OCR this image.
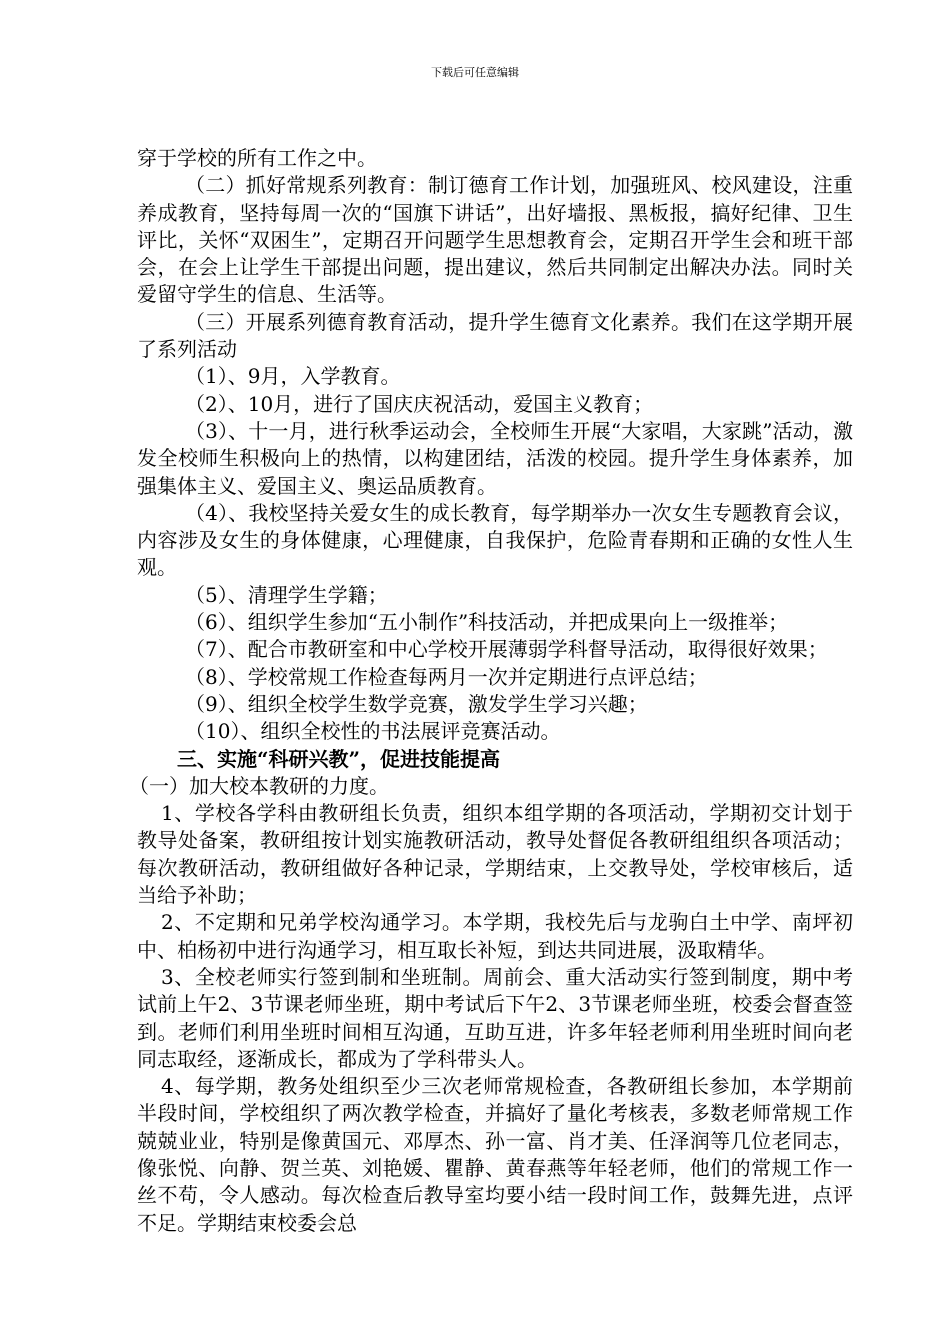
下载后可任意编辑

穿于学校的所有工作之中。

（二）抓好常规系列教育：制订德育工作计划，加强班风、校风建设，注重养成教育，坚持每周一次的“国旗下讲话”，出好墙报、黑板报，搞好纪律、卫生评比，关怀“双困生”，定期召开问题学生思想教育会，定期召开学生会和班干部会，在会上让学生干部提出问题，提出建议，然后共同制定出解决办法。同时关爱留守学生的信息、生活等。

（三）开展系列德育教育活动，提升学生德育文化素养。我们在这学期开展了系列活动

（1）、9月，入学教育。

（2）、10月，进行了国庆庆祝活动，爱国主义教育；

（3）、十一月，进行秋季运动会，全校师生开展“大家唱，大家跳”活动，激发全校师生积极向上的热情，以构建团结，活泼的校园。提升学生身体素养，加强集体主义、爱国主义、奥运品质教育。

（4）、我校坚持关爱女生的成长教育，每学期举办一次女生专题教育会议，内容涉及女生的身体健康，心理健康，自我保护，危险青春期和正确的女性人生观。

（5）、清理学生学籍；

（6）、组织学生参加“五小制作”科技活动，并把成果向上一级推举；

（7）、配合市教研室和中心学校开展薄弱学科督导活动，取得很好效果；

（8）、学校常规工作检查每两月一次并定期进行点评总结；

（9）、组织全校学生数学竞赛，激发学生学习兴趣；

（10）、组织全校性的书法展评竞赛活动。

三、实施“科研兴教”，促进技能提高

（一）加大校本教研的力度。

1、学校各学科由教研组长负责，组织本组学期的各项活动，学期初交计划于教导处备案，教研组按计划实施教研活动，教导处督促各教研组组织各项活动；每次教研活动，教研组做好各种记录，学期结束，上交教导处，学校审核后，适当给予补助；

2、不定期和兄弟学校沟通学习。本学期，我校先后与龙驹白土中学、南坪初中、柏杨初中进行沟通学习，相互取长补短，到达共同进展，汲取精华。

3、全校老师实行签到制和坐班制。周前会、重大活动实行签到制度，期中考试前上午2、3节课老师坐班，期中考试后下午2、3节课老师坐班，校委会督查签到。老师们利用坐班时间相互沟通，互助互进，许多年轻老师利用坐班时间向老同志取经，逐渐成长，都成为了学科带头人。

4、每学期，教务处组织至少三次老师常规检查，各教研组长参加，本学期前半段时间，学校组织了两次教学检查，并搞好了量化考核表，多数老师常规工作兢兢业业，特别是像黄国元、邓厚杰、孙一富、肖才美、任泽润等几位老同志，像张悦、向静、贺兰英、刘艳媛、瞿静、黄春燕等年轻老师，他们的常规工作一丝不苟，令人感动。每次检查后教导室均要小结一段时间工作，鼓舞先进，点评不足。学期结束校委会总
